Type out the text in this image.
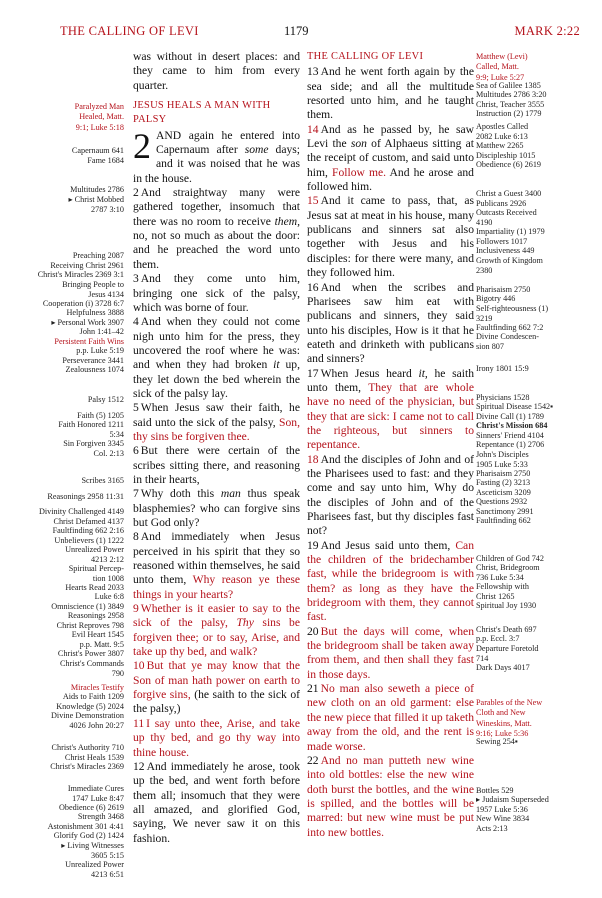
THE CALLING OF LEVI	1179	MARK 2:22
Paralyzed Man
Healed, Matt.
9:1; Luke 5:18
Capernaum 641
Fame 1684
Multitudes 2786
▸ Christ Mobbed
2787 3:10
Preaching 2087
Receiving Christ 2961
Christ's Miracles 2369 3:1
Bringing People to
Jesus 4134
Cooperation (i) 3728 6:7
Helpfulness 3888
▸ Personal Work 3907
John 1:41–42
Persistent Faith Wins
p.p. Luke 5:19
Perseverance 3441
Zealousness 1074
Palsy 1512
Faith (5) 1205
Faith Honored 1211
5:34
Sin Forgiven 3345
Col. 2:13
Scribes 3165
Reasonings 2958 11:31
Divinity Challenged 4149
Christ Defamed 4137
Faultfinding 662 2:16
Unbelievers (1) 1222
Unrealized Power
4213 2:12
Spiritual Percep-
tion 1008
Hearts Read 2033
Luke 6:8
Omniscience (1) 3849
Reasonings 2958
Christ Reproves 798
Evil Heart 1545
p.p. Matt. 9:5
Christ's Power 3807
Christ's Commands
790
Miracles Testify
Aids to Faith 1209
Knowledge (5) 2024
Divine Demonstration
4026 John 20:27
Christ's Authority 710
Christ Heals 1539
Christ's Miracles 2369
Immediate Cures
1747 Luke 8:47
Obedience (6) 2619
Strength 3468
Astonishment 301 4:41
Glorify God (2) 1424
▸ Living Witnesses
3605 5:15
Unrealized Power
4213 6:51

was without in desert places: and they came to him from every quarter.

JESUS HEALS A MAN WITH PALSY

2 AND again he entered into Capernaum after some days; and it was noised that he was in the house.

2 And straightway many were gathered together, insomuch that there was no room to receive them, no, not so much as about the door: and he preached the word unto them.

3 And they come unto him, bringing one sick of the palsy, which was borne of four.

4 And when they could not come nigh unto him for the press, they uncovered the roof where he was: and when they had broken it up, they let down the bed wherein the sick of the palsy lay.

5 When Jesus saw their faith, he said unto the sick of the palsy, Son, thy sins be forgiven thee.

6 But there were certain of the scribes sitting there, and reasoning in their hearts,

7 Why doth this man thus speak blasphemies? who can forgive sins but God only?

8 And immediately when Jesus perceived in his spirit that they so reasoned within themselves, he said unto them, Why reason ye these things in your hearts?

9 Whether is it easier to say to the sick of the palsy, Thy sins be forgiven thee; or to say, Arise, and take up thy bed, and walk?

10 But that ye may know that the Son of man hath power on earth to forgive sins, (he saith to the sick of the palsy,)

11 I say unto thee, Arise, and take up thy bed, and go thy way into thine house.

12 And immediately he arose, took up the bed, and went forth before them all; insomuch that they were all amazed, and glorified God, saying, We never saw it on this fashion.

THE CALLING OF LEVI

13 And he went forth again by the sea side; and all the multitude resorted unto him, and he taught them.

14 And as he passed by, he saw Levi the son of Alphaeus sitting at the receipt of custom, and said unto him, Follow me. And he arose and followed him.

15 And it came to pass, that, as Jesus sat at meat in his house, many publicans and sinners sat also together with Jesus and his disciples: for there were many, and they followed him.

16 And when the scribes and Pharisees saw him eat with publicans and sinners, they said unto his disciples, How is it that he eateth and drinketh with publicans and sinners?

17 When Jesus heard it, he saith unto them, They that are whole have no need of the physician, but they that are sick: I came not to call the righteous, but sinners to repentance.

18 And the disciples of John and of the Pharisees used to fast: and they come and say unto him, Why do the disciples of John and of the Pharisees fast, but thy disciples fast not?

19 And Jesus said unto them, Can the children of the bridechamber fast, while the bridegroom is with them? as long as they have the bridegroom with them, they cannot fast.

20 But the days will come, when the bridegroom shall be taken away from them, and then shall they fast in those days.

21 No man also seweth a piece of new cloth on an old garment: else the new piece that filled it up taketh away from the old, and the rent is made worse.

22 And no man putteth new wine into old bottles: else the new wine doth burst the bottles, and the wine is spilled, and the bottles will be marred: but new wine must be put into new bottles.

Matthew (Levi)
Called, Matt.
9:9; Luke 5:27
Sea of Galilee 1385
Multitudes 2786 3:20
Christ, Teacher 3555
Instruction (2) 1779
Apostles Called
2082 Luke 6:13
Matthew 2265
Discipleship 1015
Obedience (6) 2619
Christ a Guest 3400
Publicans 2926
Outcasts Received
4190
Impartiality (1) 1979
Followers 1017
Inclusiveness 449
Growth of Kingdom
2380
Pharisaism 2750
Bigotry 446
Self-righteousness (1)
3219
Faultfinding 662 7:2
Divine Condescen-
sion 807
Irony 1801 15:9
Physicians 1528
Spiritual Disease 1542▪
Divine Call (1) 1789
Christ's Mission 684
Sinners' Friend 4104
Repentance (1) 2706
John's Disciples
1905 Luke 5:33
Pharisaism 2750
Fasting (2) 3213
Asceticism 3209
Questions 2932
Sanctimony 2991
Faultfinding 662
Children of God 742
Christ, Bridegroom
736 Luke 5:34
Fellowship with
Christ 1265
Spiritual Joy 1930
Christ's Death 697
p.p. Eccl. 3:7
Departure Foretold
714
Dark Days 4017
Parables of the New
Cloth and New
Wineskins, Matt.
9:16; Luke 5:36
Sewing 254▪
Bottles 529
▸ Judaism Superseded
1957 Luke 5:36
New Wine 3834
Acts 2:13
